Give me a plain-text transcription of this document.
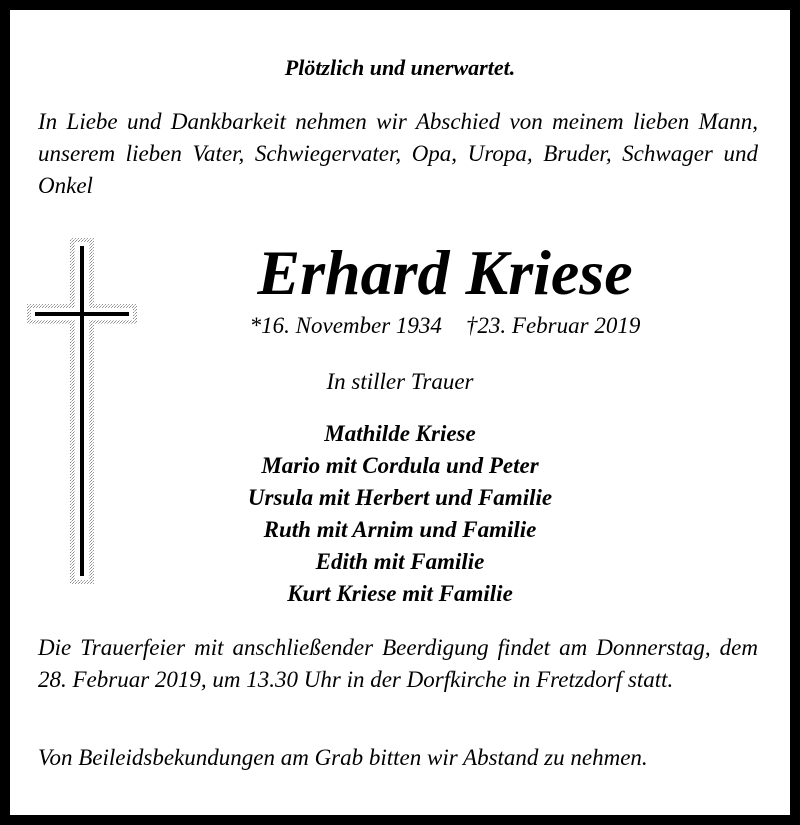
Plötzlich und unerwartet.
In Liebe und Dankbarkeit nehmen wir Abschied von meinem lieben Mann, unserem lieben Vater, Schwiegervater, Opa, Uropa, Bruder, Schwager und Onkel
Erhard Kriese
*16. November 1934 †23. Februar 2019
In stiller Trauer
Mathilde Kriese
Mario mit Cordula und Peter
Ursula mit Herbert und Familie
Ruth mit Arnim und Familie
Edith mit Familie
Kurt Kriese mit Familie
Die Trauerfeier mit anschließender Beerdigung findet am Donnerstag, dem 28. Februar 2019, um 13.30 Uhr in der Dorfkirche in Fretzdorf statt.
Von Beileidsbekundungen am Grab bitten wir Abstand zu nehmen.
